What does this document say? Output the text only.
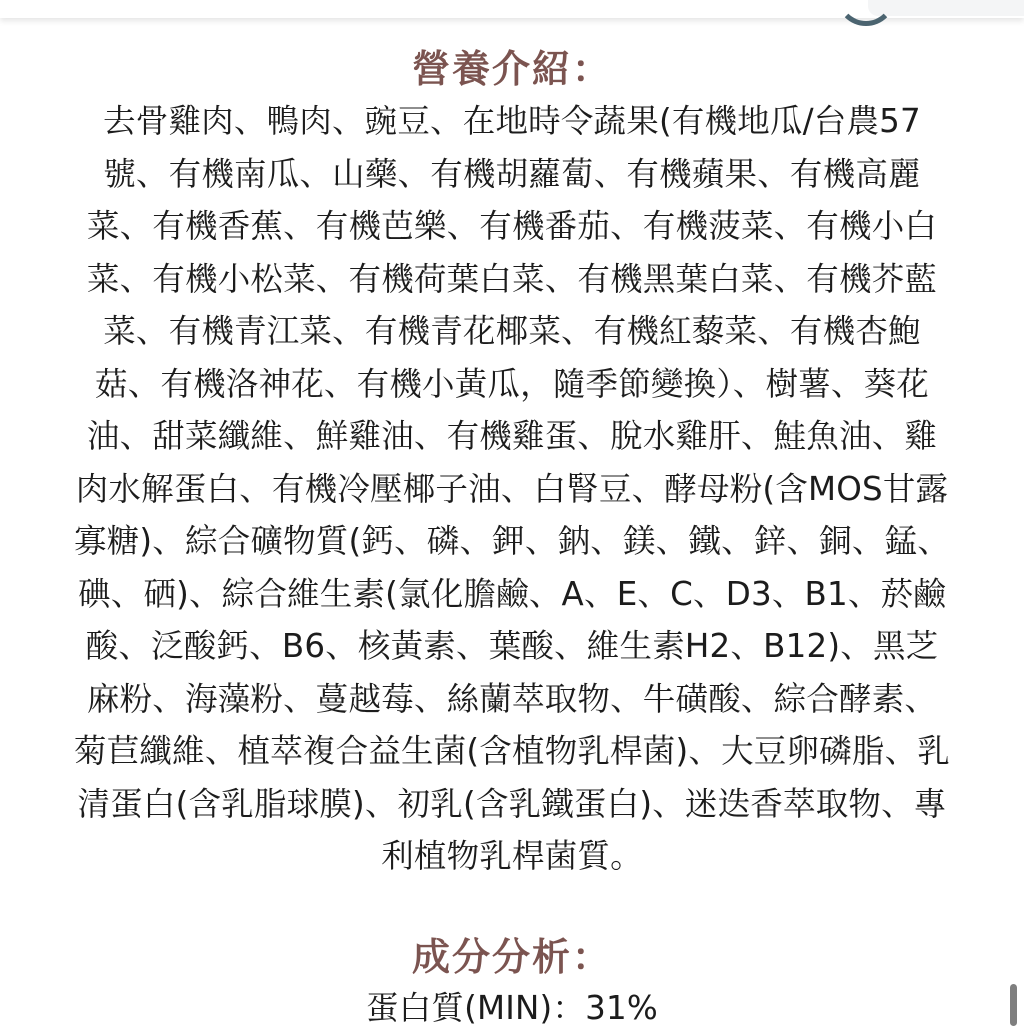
營養介紹：
去骨雞肉、鴨肉、豌豆、在地時令蔬果(有機地瓜/台農57
號、有機南瓜、山藥、有機胡蘿蔔、有機蘋果、有機高麗
菜、有機香蕉、有機芭樂、有機番茄、有機菠菜、有機小白
菜、有機小松菜、有機荷葉白菜、有機黑葉白菜、有機芥藍
菜、有機青江菜、有機青花椰菜、有機紅藜菜、有機杏鮑
菇、有機洛神花、有機小黃瓜，隨季節變換）、樹薯、葵花
油、甜菜纖維、鮮雞油、有機雞蛋、脫水雞肝、鮭魚油、雞
肉水解蛋白、有機冷壓椰子油、白腎豆、酵母粉(含MOS甘露
寡糖)、綜合礦物質(鈣、磷、鉀、鈉、鎂、鐵、鋅、銅、錳、
碘、硒)、綜合維生素(氯化膽鹼、A、E、C、D3、B1、菸鹼
酸、泛酸鈣、B6、核黃素、葉酸、維生素H2、B12)、黑芝
麻粉、海藻粉、蔓越莓、絲蘭萃取物、牛磺酸、綜合酵素、
菊苣纖維、植萃複合益生菌(含植物乳桿菌)、大豆卵磷脂、乳
清蛋白(含乳脂球膜)、初乳(含乳鐵蛋白)、迷迭香萃取物、專
利植物乳桿菌質。
成分分析：
蛋白質(MIN)：31%
